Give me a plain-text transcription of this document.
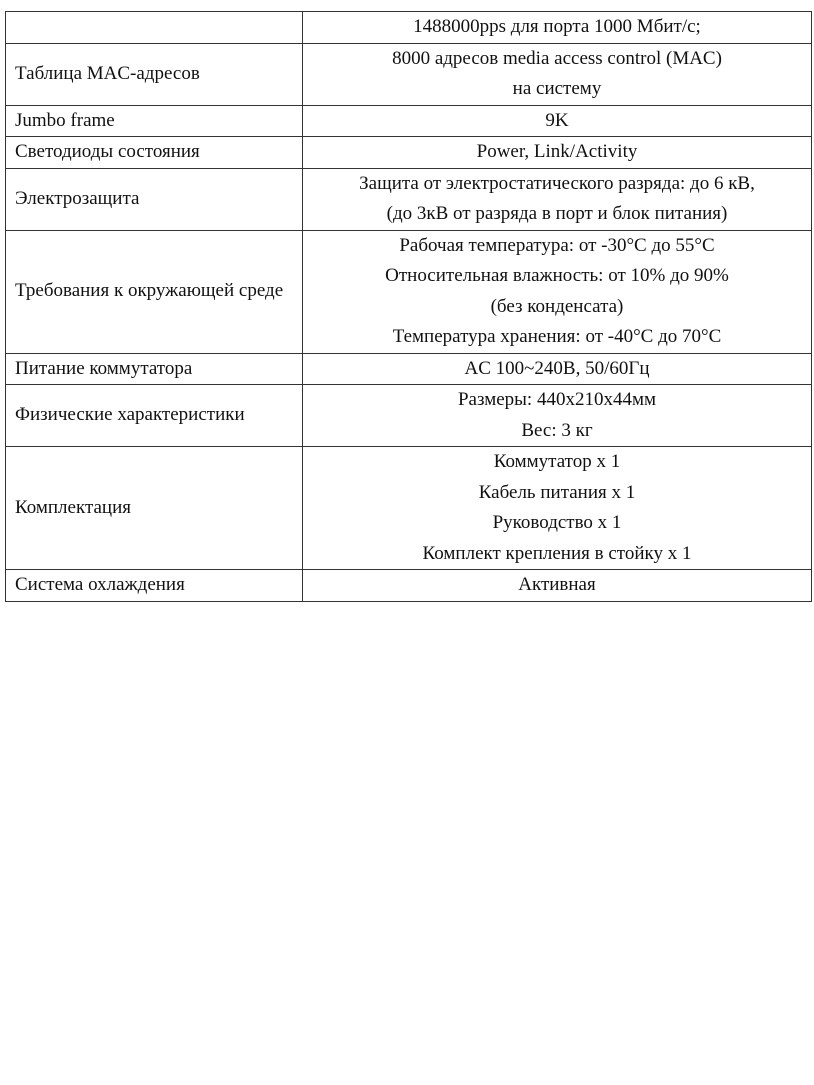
	1488000pps для порта 1000 Мбит/с;

Таблица MAC-адресов	8000 адресов media access control (MAC)
на систему

Jumbo frame	9K

Светодиоды состояния	Power, Link/Activity

Электрозащита	Защита от электростатического разряда: до 6 кВ,
(до 3кВ от разряда в порт и блок питания)

Требования к окружающей среде	Рабочая температура: от -30°С до 55°С
Относительная влажность: от 10% до 90%
(без конденсата)
Температура хранения: от -40°С до 70°С

Питание коммутатора	AC 100~240В, 50/60Гц

Физические характеристики	Размеры: 440x210x44мм
Вес: 3 кг

Комплектация	Коммутатор x 1
Кабель питания x 1
Руководство x 1
Комплект крепления в стойку x 1

Система охлаждения	Активная
